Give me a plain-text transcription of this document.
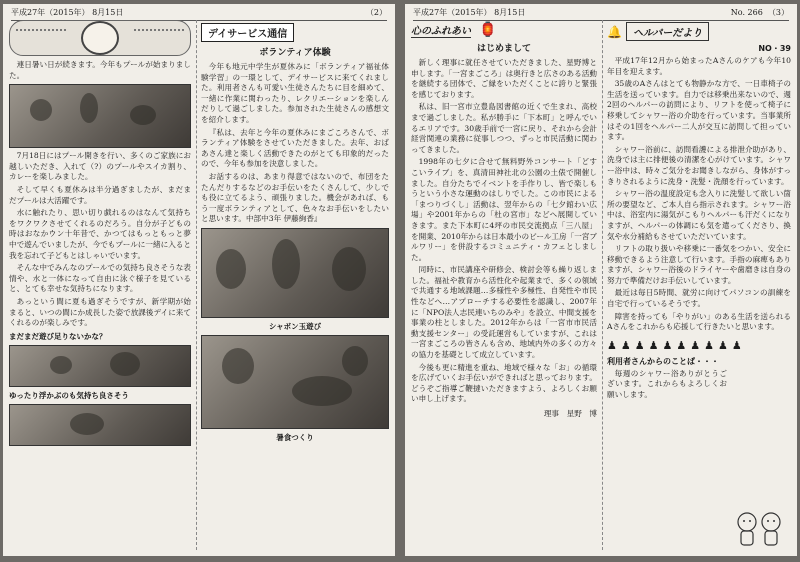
平成27年（2015年） 8月15日	（2）

連日暑い日が続きます。今年もプールが始まりました。

7月18日にはプール開きを行い、多くのご家族にお越しいただき、入れて（?）のプールやスイカ割り、カレーを楽しみました。

そして早くも夏休みは半分過ぎましたが、まだまだプールは大活躍です。

水に触れたり、思い切り戯れるのはなんて気持ちをワクワクさせてくれるのだろう。自分が子どもの時はおなかウン十年昔で、かつてはもっともっと夢中で遊んでいましたが、今でもプールに一緒に入ると我を忘れて子どもとはしゃいでいます。

そんな中でみんなのプールでの気持ち良さそうな表情や、水と一体になって自由に泳ぐ様子を見ていると、とても幸せな気持ちになります。

あっという間に夏も過ぎそうですが、新学期が始まると、いつの間にか成長した姿で放課後デイに来てくれるのが楽しみです。

まだまだ遊び足りないかな？
ゆったり浮かぶのも気持ち良さそう
デイサービス通信
ボランティア体験

今年も地元中学生が夏休みに「ボランティア福祉体験学習」の一環として、デイサービスに来てくれました。利用者さんも可愛い生徒さんたちに目を細めて、一緒に作業に関わったり、レクリエーションを楽しんだりして過ごしました。参加された生徒さんの感想文を紹介します。

『私は、去年と今年の夏休みにまごころさんで、ボランティア体験をさせていただきました。去年、おばあさん達と楽しく活動できたのがとても印象的だったので、今年も参加を決意しました。

お話するのは、あまり得意ではないので、布団をたたんだりするなどのお手伝いをたくさんして、少しでも役に立てるよう、頑張りました。機会があれば、もう一度ボランティアとして、色々なお手伝いをしたいと思います。中部中3年 伊藤絢香』

シャボン玉遊び
暑食つくり
平成27年（2015年） 8月15日	No. 266 （3）
心のふれあい 🏮
はじめまして

新しく理事に就任させていただきました、星野博と申します。「一宮まごころ」は奥行きと広さのある活動を継続する団体で、ご縁をいただくことに誇りと緊張を感じております。

私は、旧一宮市立豊島図書館の近くで生まれ、高校まで過ごしました。私が勝手に「下本町」と呼んでいるエリアです。30歳手前で一宮に戻り、それから会計経営関連の業務に従事しつつ、ずっと市民活動に関わってきました。

1998年の七夕に合せて無料野外コンサート「どすこいライブ」を、真清田神社北の公園の土俵で開催しました。自分たちでイベントを手作りし、皆で楽しもうという小さな運動のはしりでした。この市民による「まつりづくし」活動は、翌年からの「七夕館わい広場」や2001年からの「杜の宮市」などへ展開していきます。また下本町に4坪の市民交流拠点「三八屋」を開業、2010年からは日本最小のビール工房「一宮ブルワリー」を併設するコミュニティ・カフェとしました。

同時に、市民講座や研修会、検討会等も繰り返しました。福祉や教育から活性化や起業まで、多くの領域で共通する地域課題…多様性や多極性、自発性や市民性などへ…アプローチする必要性を認識し、2007年に「NPO法人志民連いちのみや」を設立、中間支援を事業の柱としました。2012年からは「一宮市市民活動支援センター」の受託運営もしていますが、これは一宮まごころの皆さんも含め、地域内外の多くの方々の協力を基礎として成立しています。

今後も更に精進を重ね、地域で様々な「お」の循環を広げていくお手伝いができればと思っております。どうぞご指導ご鞭撻いただきますよう、よろしくお願い申し上げます。

理事　星野　博
🔔	ヘルパーだより
NO・39

平成17年12月から始まったAさんのケアも今年10年目を迎えます。

35歳のAさんはとても物静かな方で、一日車椅子の生活を送っています。自力では移乗出来ないので、週2回のヘルパーの訪問により、リフトを使って椅子に移乗してシャワー浴の介助を行っています。当事業所はその1回をヘルパー二人が交互に訪問して担っています。

シャワー浴前に、訪問看護による排泄介助があり、洗身では主に排便後の清潔を心がけています。シャワー浴中は、時々ご気分をお聞きしながら、身体がすっきりされるように洗身・洗髪・洗顔を行っています。

シャワー浴の温度設定も念入りに洗髪して欲しい箇所の要望など、ご本人自ら指示されます。シャワー浴中は、浴室内に湯気がこもりヘルパーも汗だくになりますが、ヘルパーの体調にも気を遣ってくださり、換気や水分補給もさせていただいています。

リフトの取り扱いや移乗に一番気をつかい、安全に移動できるよう注意して行います。手指の麻痺もありますが、シャワー浴後のドライヤーや歯磨きは自身の努力で準備だけお手伝いしています。

最近は毎日5時間、就労に向けてパソコンの訓練を自宅で行っているそうです。

障害を持っても「やりがい」のある生活を送られるAさんをこれからも応援して行きたいと思います。

♟ ♟ ♟ ♟ ♟ ♟ ♟ ♟ ♟ ♟
利用者さんからのことば・・・

毎週のシャワー浴ありがとうございます。これからもよろしくお願いします。
